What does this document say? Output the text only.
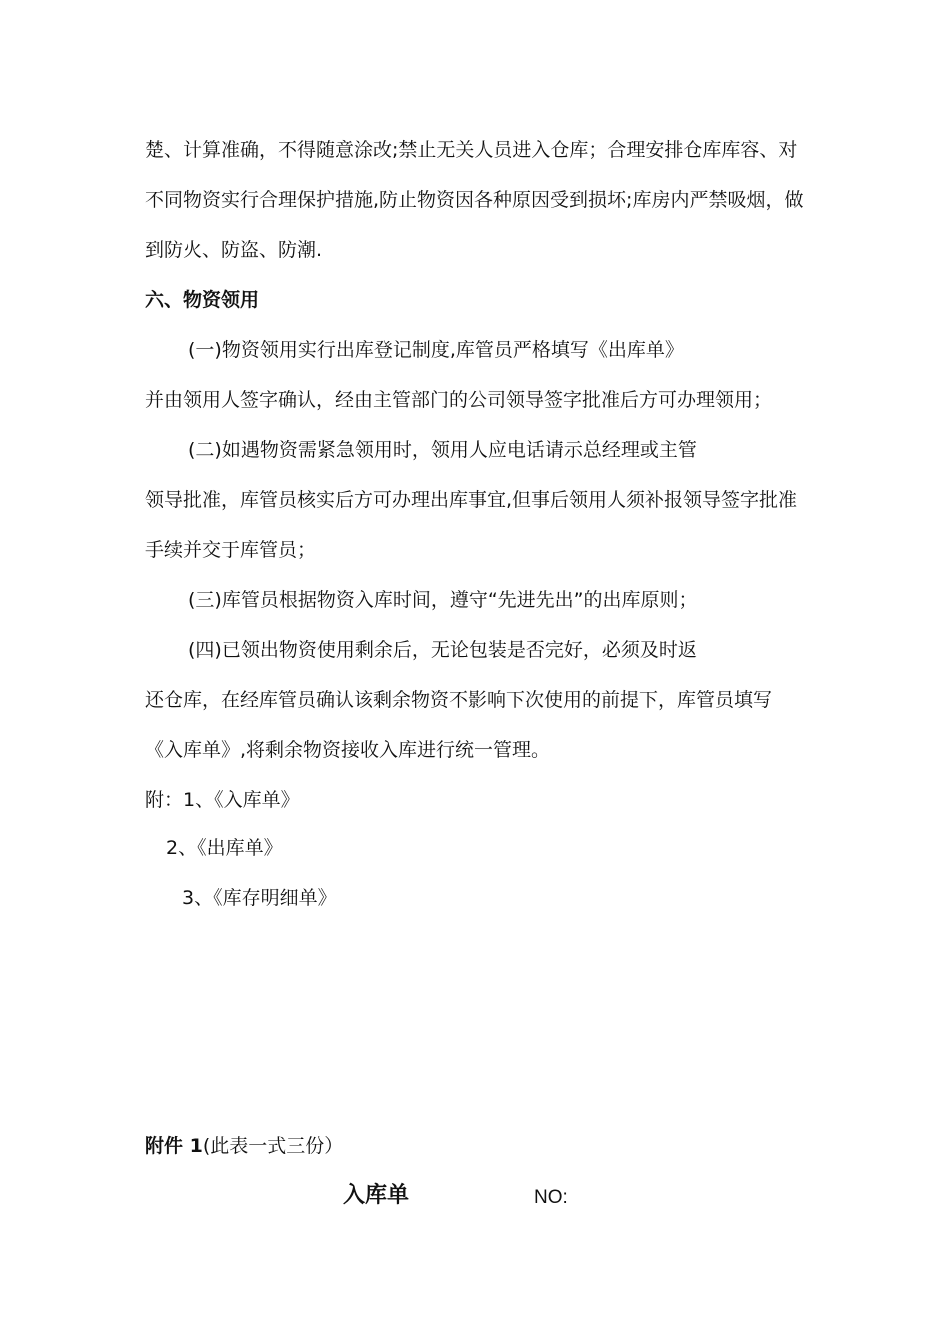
楚、计算准确，不得随意涂改;禁止无关人员进入仓库；合理安排仓库库容、对
不同物资实行合理保护措施,防止物资因各种原因受到损坏;库房内严禁吸烟，做
到防火、防盗、防潮.
六、物资领用
(一)物资领用实行出库登记制度,库管员严格填写《出库单》
并由领用人签字确认，经由主管部门的公司领导签字批准后方可办理领用；
(二)如遇物资需紧急领用时，领用人应电话请示总经理或主管
领导批准，库管员核实后方可办理出库事宜,但事后领用人须补报领导签字批准
手续并交于库管员；
(三)库管员根据物资入库时间，遵守“先进先出”的出库原则；
(四)已领出物资使用剩余后，无论包装是否完好，必须及时返
还仓库，在经库管员确认该剩余物资不影响下次使用的前提下，库管员填写
《入库单》,将剩余物资接收入库进行统一管理。
附：1、《入库单》
2、《出库单》
3、《库存明细单》
附件 1(此表一式三份）
入库单	NO:
